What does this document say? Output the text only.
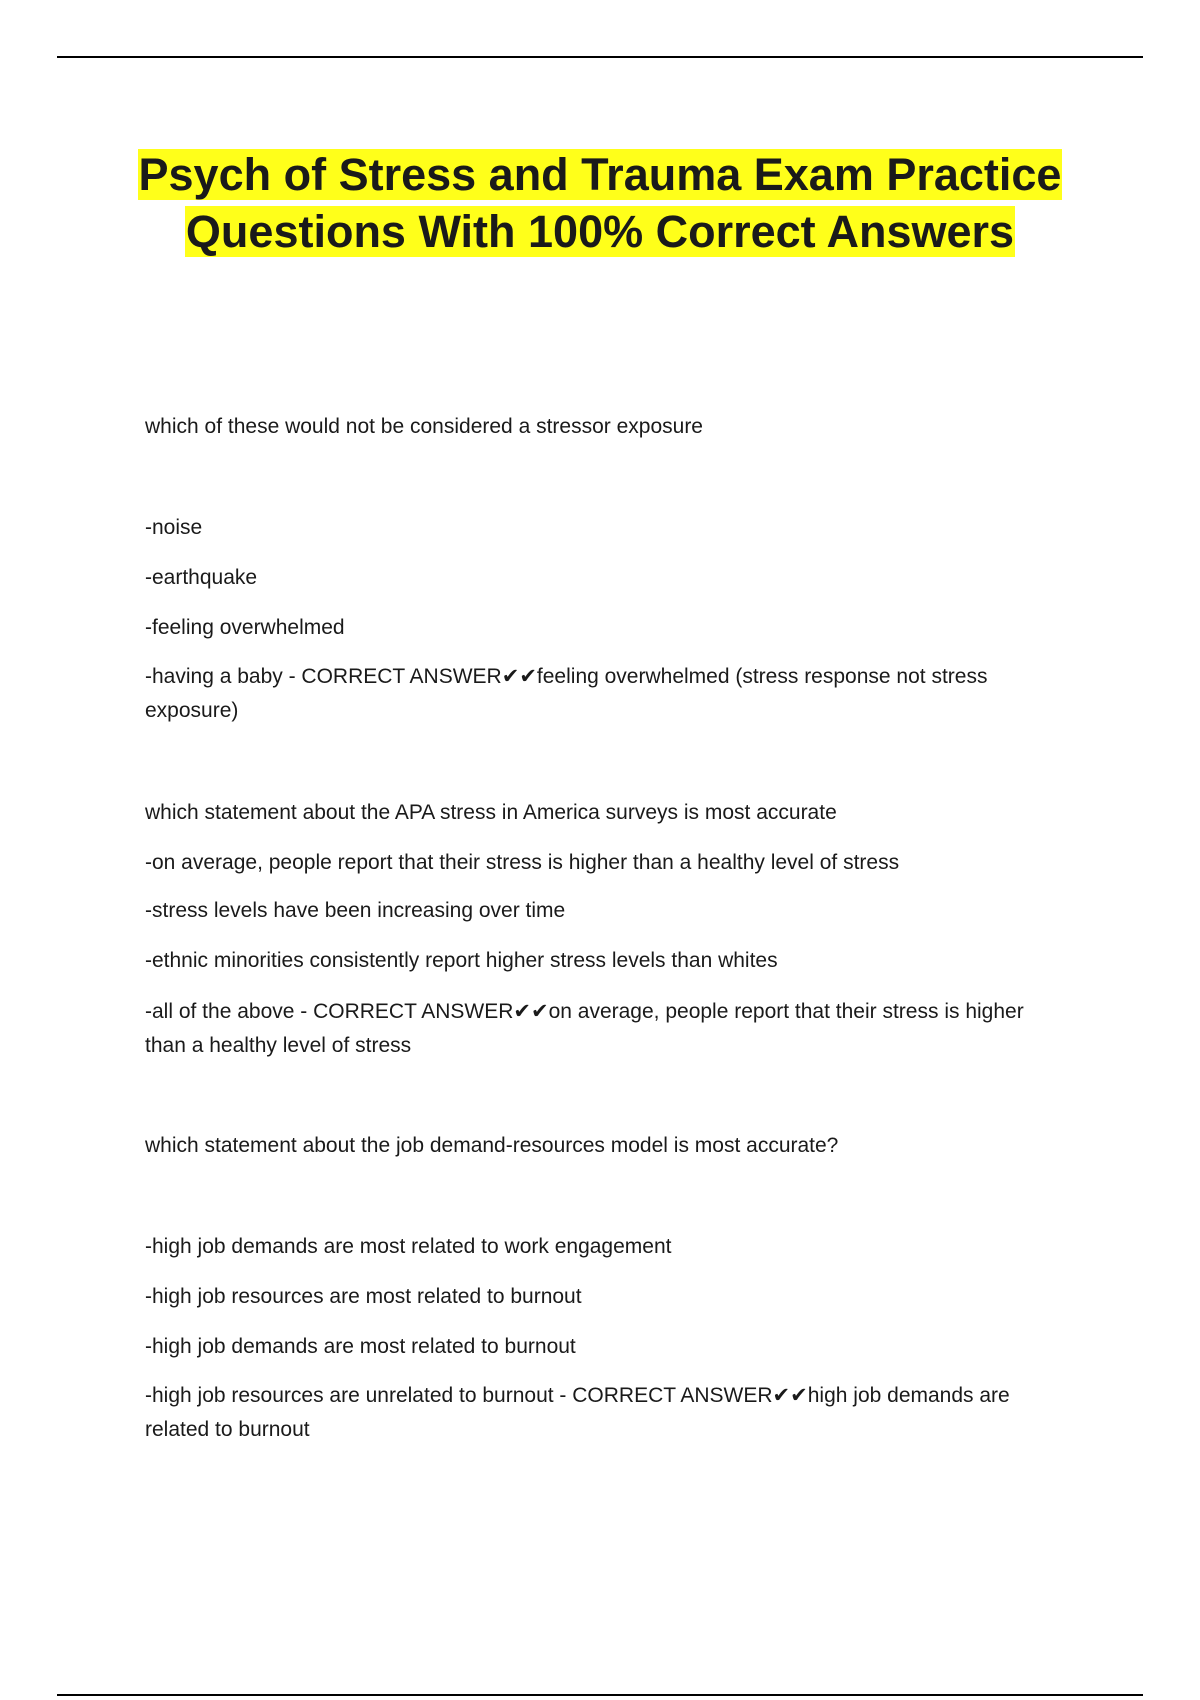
Psych of Stress and Trauma Exam Practice Questions With 100% Correct Answers

which of these would not be considered a stressor exposure

-noise

-earthquake

-feeling overwhelmed

-having a baby - CORRECT ANSWER✔✔feeling overwhelmed (stress response not stress exposure)

which statement about the APA stress in America surveys is most accurate

-on average, people report that their stress is higher than a healthy level of stress

-stress levels have been increasing over time

-ethnic minorities consistently report higher stress levels than whites

-all of the above - CORRECT ANSWER✔✔on average, people report that their stress is higher than a healthy level of stress

which statement about the job demand-resources model is most accurate?

-high job demands are most related to work engagement

-high job resources are most related to burnout

-high job demands are most related to burnout

-high job resources are unrelated to burnout - CORRECT ANSWER✔✔high job demands are related to burnout
